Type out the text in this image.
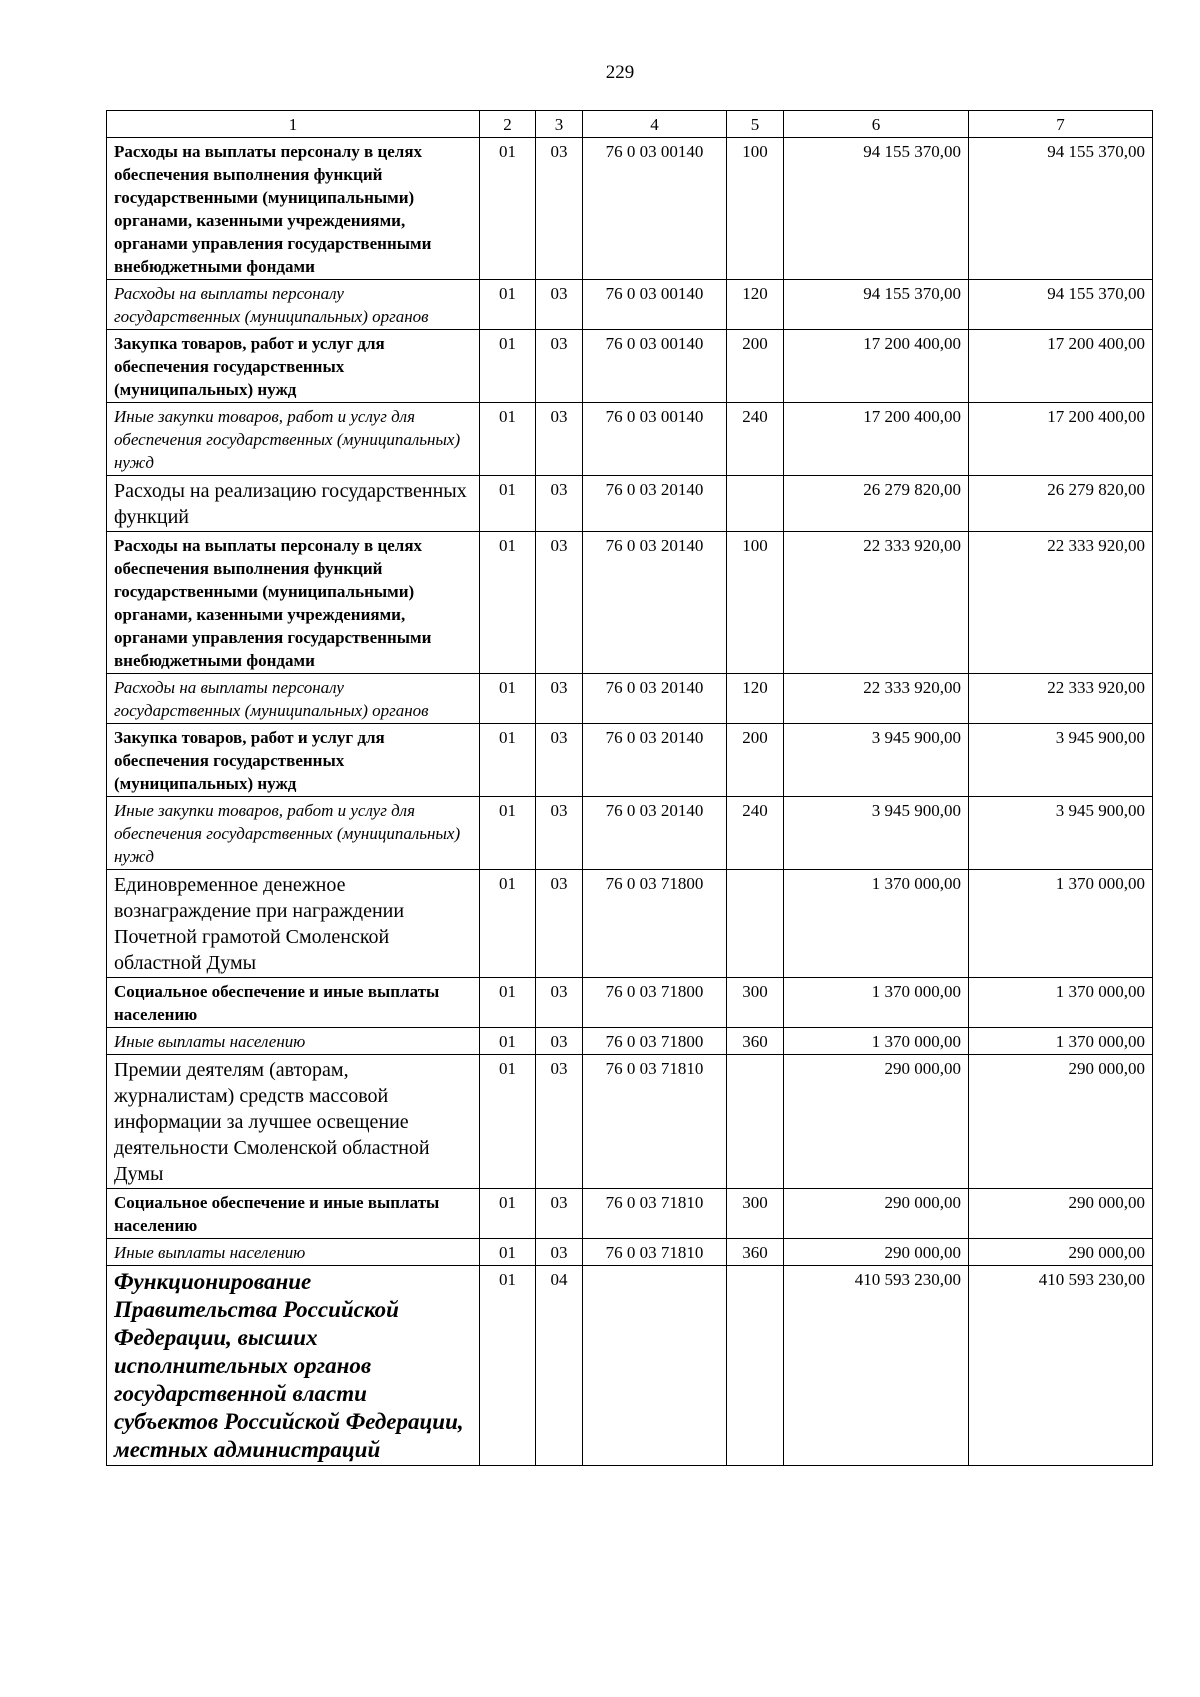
229
1	2	3	4	5	6	7
Расходы на выплаты персоналу в целях обеспечения выполнения функций государственными (муниципальными) органами, казенными учреждениями, органами управления государственными внебюджетными фондами	01	03	76 0 03 00140	100	94 155 370,00	94 155 370,00
Расходы на выплаты персоналу государственных (муниципальных) органов	01	03	76 0 03 00140	120	94 155 370,00	94 155 370,00
Закупка товаров, работ и услуг для обеспечения государственных (муниципальных) нужд	01	03	76 0 03 00140	200	17 200 400,00	17 200 400,00
Иные закупки товаров, работ и услуг для обеспечения государственных (муниципальных) нужд	01	03	76 0 03 00140	240	17 200 400,00	17 200 400,00
Расходы на реализацию государственных функций	01	03	76 0 03 20140		26 279 820,00	26 279 820,00
Расходы на выплаты персоналу в целях обеспечения выполнения функций государственными (муниципальными) органами, казенными учреждениями, органами управления государственными внебюджетными фондами	01	03	76 0 03 20140	100	22 333 920,00	22 333 920,00
Расходы на выплаты персоналу государственных (муниципальных) органов	01	03	76 0 03 20140	120	22 333 920,00	22 333 920,00
Закупка товаров, работ и услуг для обеспечения государственных (муниципальных) нужд	01	03	76 0 03 20140	200	3 945 900,00	3 945 900,00
Иные закупки товаров, работ и услуг для обеспечения государственных (муниципальных) нужд	01	03	76 0 03 20140	240	3 945 900,00	3 945 900,00
Единовременное денежное вознаграждение при награждении Почетной грамотой Смоленской областной Думы	01	03	76 0 03 71800		1 370 000,00	1 370 000,00
Социальное обеспечение и иные выплаты населению	01	03	76 0 03 71800	300	1 370 000,00	1 370 000,00
Иные выплаты населению	01	03	76 0 03 71800	360	1 370 000,00	1 370 000,00
Премии деятелям (авторам, журналистам) средств массовой информации за лучшее освещение деятельности Смоленской областной Думы	01	03	76 0 03 71810		290 000,00	290 000,00
Социальное обеспечение и иные выплаты населению	01	03	76 0 03 71810	300	290 000,00	290 000,00
Иные выплаты населению	01	03	76 0 03 71810	360	290 000,00	290 000,00
Функционирование Правительства Российской Федерации, высших исполнительных органов государственной власти субъектов Российской Федерации, местных администраций	01	04			410 593 230,00	410 593 230,00
